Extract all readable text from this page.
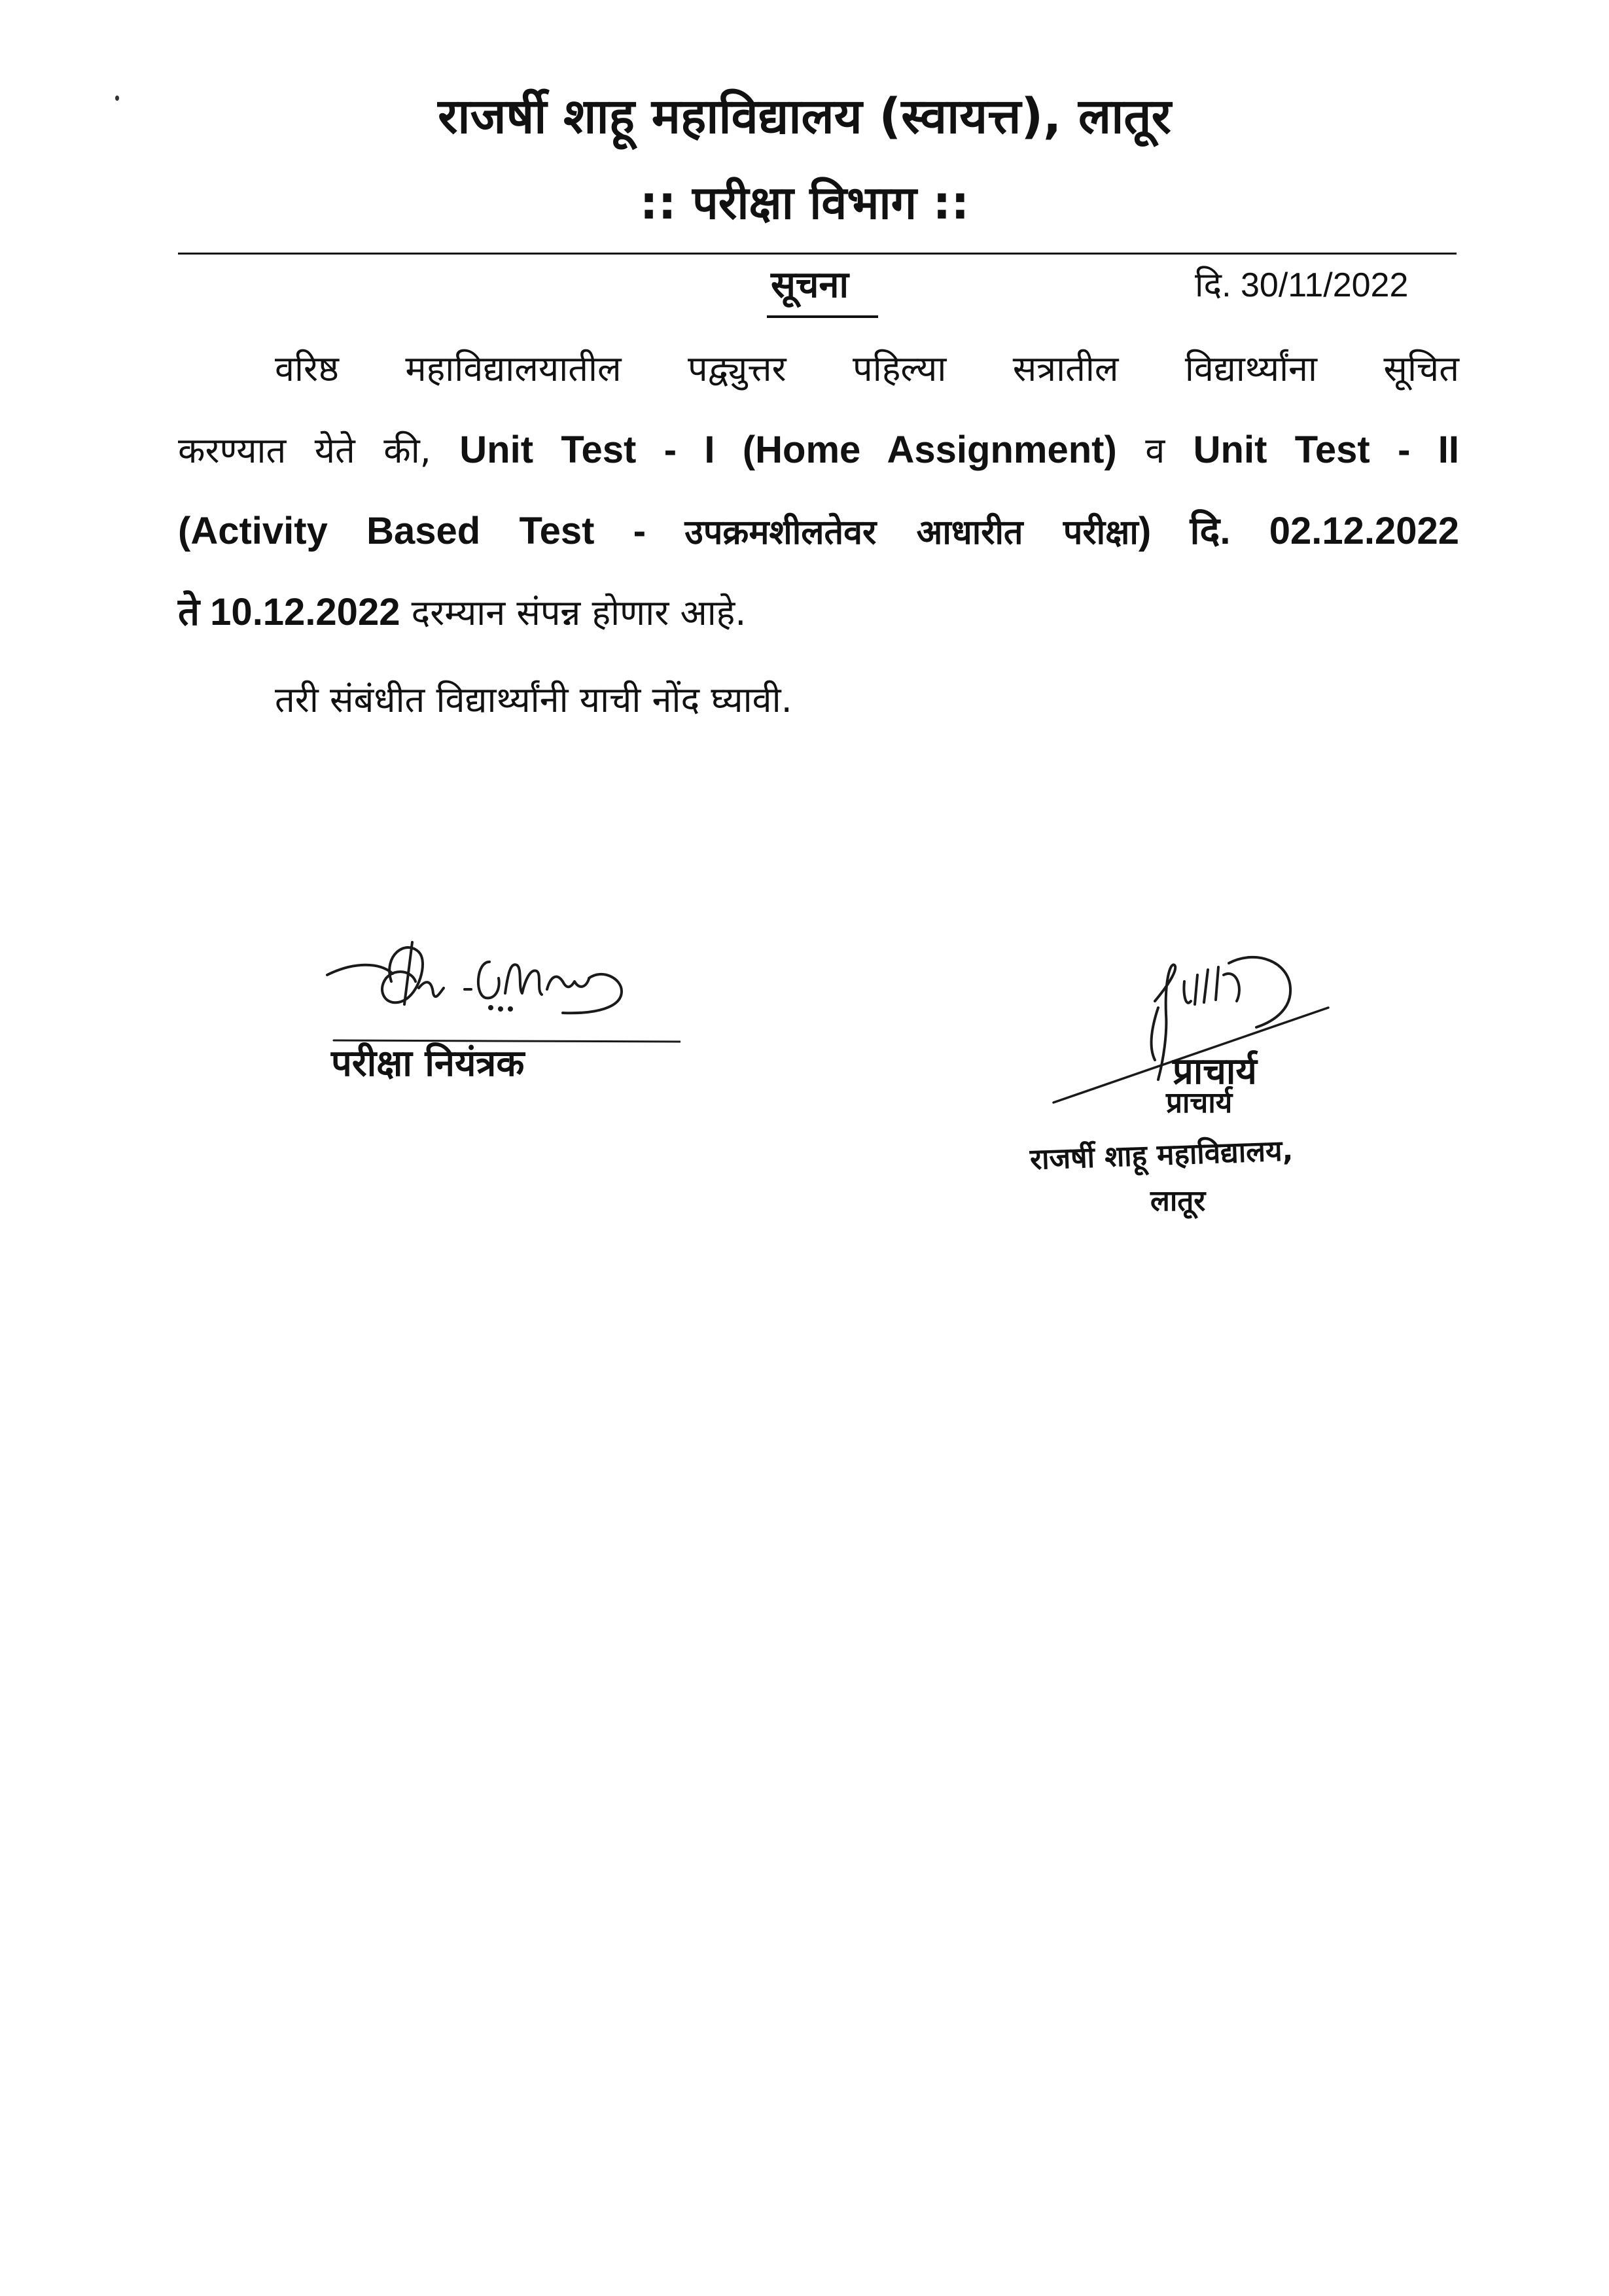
राजर्षी शाहू महाविद्यालय (स्वायत्त), लातूर
:: परीक्षा विभाग ::
सूचना	दि. 30/11/2022
वरिष्ठ महाविद्यालयातील पद्व्युत्तर पहिल्या सत्रातील विद्यार्थ्यांना सूचित
करण्यात येते की, Unit Test - I (Home Assignment) व Unit Test - II
(Activity Based Test - उपक्रमशीलतेवर आधारीत परीक्षा) दि. 02.12.2022
ते 10.12.2022 दरम्यान संपन्न होणार आहे.
तरी संबंधीत विद्यार्थ्यांनी याची नोंद घ्यावी.
परीक्षा नियंत्रक	प्राचार्य
प्राचार्य
राजर्षी शाहू महाविद्यालय,
लातूर
